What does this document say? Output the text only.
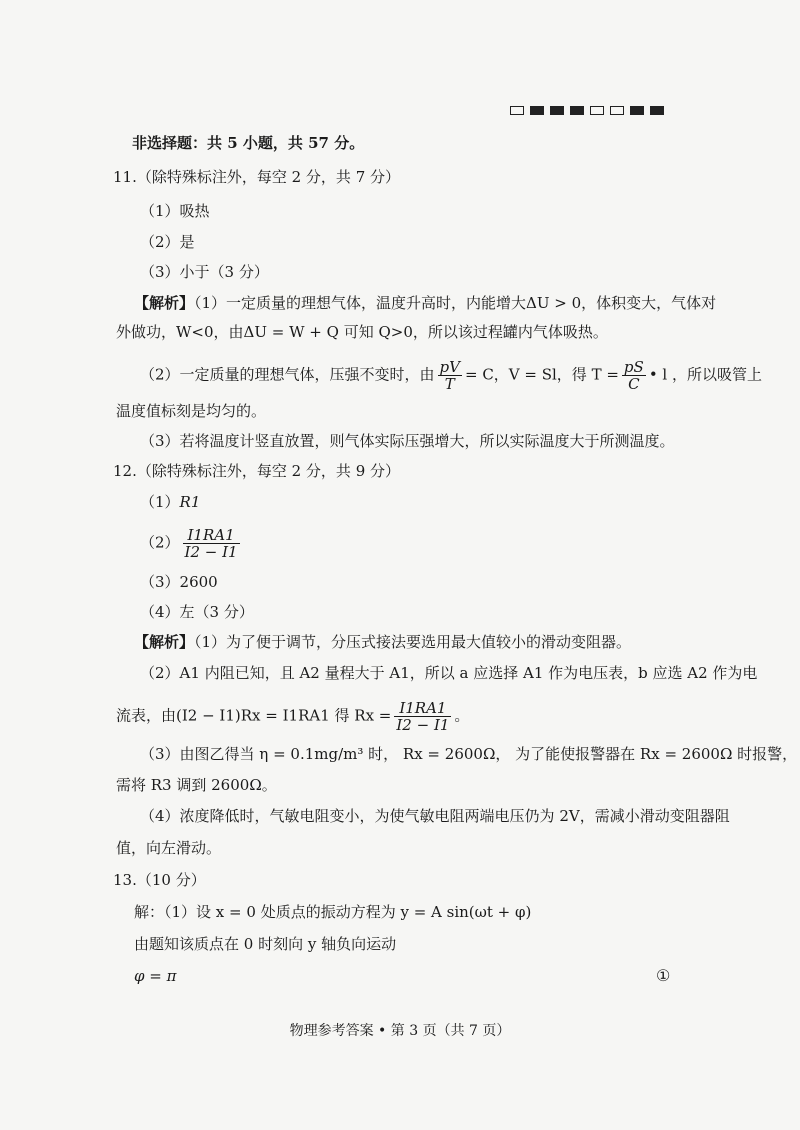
非选择题：共 5 小题，共 57 分。
11.（除特殊标注外，每空 2 分，共 7 分）
（1）吸热
（2）是
（3）小于（3 分）
【解析】（1）一定质量的理想气体，温度升高时，内能增大ΔU > 0，体积变大，气体对
外做功，W<0，由ΔU = W + Q 可知 Q>0，所以该过程罐内气体吸热。
（2）一定质量的理想气体，压强不变时，由 $\frac{pV}{T} = C$，V = Sl，得 $T = \frac{pS}{C}$ • l ，所以吸管上
温度值标刻是均匀的。
（3）若将温度计竖直放置，则气体实际压强增大，所以实际温度大于所测温度。
12.（除特殊标注外，每空 2 分，共 9 分）
（1）R1
$(2) \frac{I1RA1}{I2 - I1}$
（3）2600
（4）左（3 分）
【解析】（1）为了便于调节，分压式接法要选用最大值较小的滑动变阻器。
（2）A1 内阻已知，且 A2 量程大于 A1，所以 a 应选择 A1 作为电压表，b 应选 A2 作为电
流表，由(I2 − I1)Rx = I1RA1 得 $Rx = \frac{I1RA1}{I2 - I1}$ 。
（3）由图乙得当 η = 0.1mg/m³ 时， Rx = 2600Ω， 为了能使报警器在 Rx = 2600Ω 时报警，
需将 R3 调到 2600Ω。
（4）浓度降低时，气敏电阻变小，为使气敏电阻两端电压仍为 2V，需减小滑动变阻器阻
值，向左滑动。
13.（10 分）
解：（1）设 x = 0 处质点的振动方程为 y = A sin(ωt + φ)
由题知该质点在 0 时刻向 y 轴负向运动
φ = π	①
物理参考答案 • 第 3 页（共 7 页）
